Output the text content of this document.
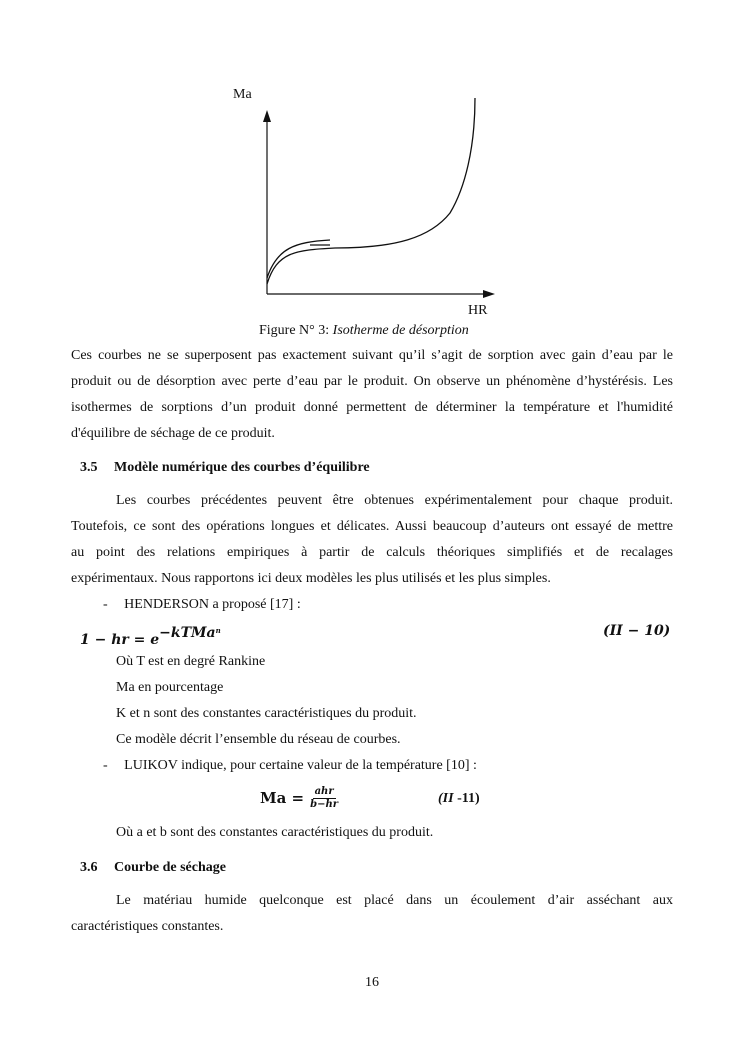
Ma
HR
Figure N° 3: Isotherme de désorption

Ces courbes ne se superposent pas exactement suivant qu’il s’agit de sorption avec gain d’eau par le

produit ou de désorption avec perte d’eau par le produit. On observe un phénomène d’hystérésis. Les

isothermes de sorptions d’un produit donné permettent de déterminer la température et l'humidité

d'équilibre de séchage de ce produit.

3.5 Modèle numérique des courbes d’équilibre

Les courbes précédentes peuvent être obtenues expérimentalement pour chaque produit.

Toutefois, ce sont des opérations longues et délicates. Aussi beaucoup d’auteurs ont essayé de mettre

au point des relations empiriques à partir de calculs théoriques simplifiés et de recalages

expérimentaux. Nous rapportons ici deux modèles les plus utilisés et les plus simples.

- HENDERSON a proposé [17] :
1 − hr = $e^{-kTMa^n}$	(II − 10)

Où T est en degré Rankine

Ma en pourcentage

K et n sont des constantes caractéristiques du produit.

Ce modèle décrit l’ensemble du réseau de courbes.

- LUIKOV indique, pour certaine valeur de la température [10] :
$Ma = \frac{\text{ahr}}{b-hr}$	(II -11)

Où a et b sont des constantes caractéristiques du produit.

3.6 Courbe de séchage

Le matériau humide quelconque est placé dans un écoulement d’air asséchant aux

caractéristiques constantes.

16
